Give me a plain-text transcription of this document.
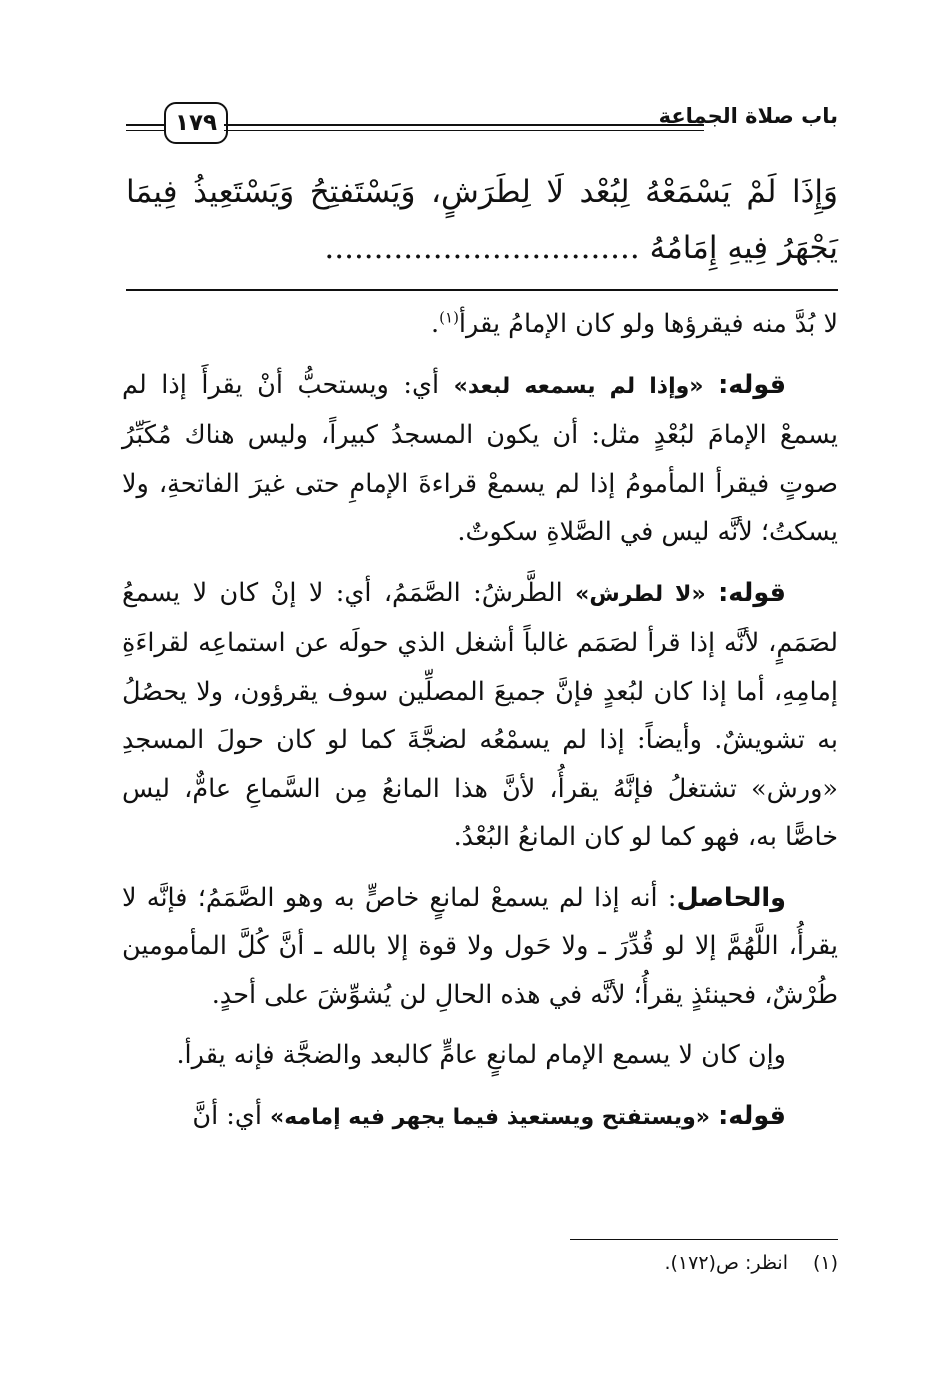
باب صلاة الجماعة
١٧٩
وَإِذَا لَمْ يَسْمَعْهُ لِبُعْد لَا لِطَرَشٍ، وَيَسْتَفتِحُ وَيَسْتَعِيذُ فِيمَا
يَجْهَرُ فِيهِ إِمَامُهُ ................................

لا بُدَّ منه فيقرؤها ولو كان الإمامُ يقرأ$^{(١)}$.

قوله: «وإذا لم يسمعه لبعد» أي: ويستحبُّ أنْ يقرأَ إذا لم يسمعْ الإمامَ لبُعْدٍ مثل: أن يكون المسجدُ كبيراً، وليس هناك مُكَبِّرُ صوتٍ فيقرأ المأمومُ إذا لم يسمعْ قراءةَ الإمامِ حتى غيرَ الفاتحةِ، ولا يسكتُ؛ لأنَّه ليس في الصَّلاةِ سكوتٌ.

قوله: «لا لطرش» الطَّرشُ: الصَّمَمُ، أي: لا إنْ كان لا يسمعُ لصَمَمٍ، لأنَّه إذا قرأ لصَمَم غالباً أشغل الذي حولَه عن استماعِه لقراءَةِ إمامِهِ، أما إذا كان لبُعدٍ فإنَّ جميعَ المصلِّين سوف يقرؤون، ولا يحصُلُ به تشويشٌ. وأيضاً: إذا لم يسمْعُه لضجَّةَ كما لو كان حولَ المسجدِ «ورش» تشتغلُ فإنَّهُ يقرأُ، لأنَّ هذا المانعُ مِن السَّماعِ عامٌّ، ليس خاصًّا به، فهو كما لو كان المانعُ البُعْدُ.

والحاصل: أنه إذا لم يسمعْ لمانعٍ خاصٍّ به وهو الصَّمَمُ؛ فإنَّه لا يقرأُ، اللَّهُمَّ إلا لو قُدِّرَ ـ ولا حَول ولا قوة إلا بالله ـ أنَّ كُلَّ المأمومين طُرْشٌ، فحينئذٍ يقرأُ؛ لأنَّه في هذه الحالِ لن يُشوِّشَ على أحدٍ.

وإن كان لا يسمع الإمام لمانعٍ عامٍّ كالبعد والضجَّة فإنه يقرأ.

قوله: «ويستفتح ويستعيذ فيما يجهر فيه إمامه» أي: أنَّ

(١)انظر: ص(١٧٢).
